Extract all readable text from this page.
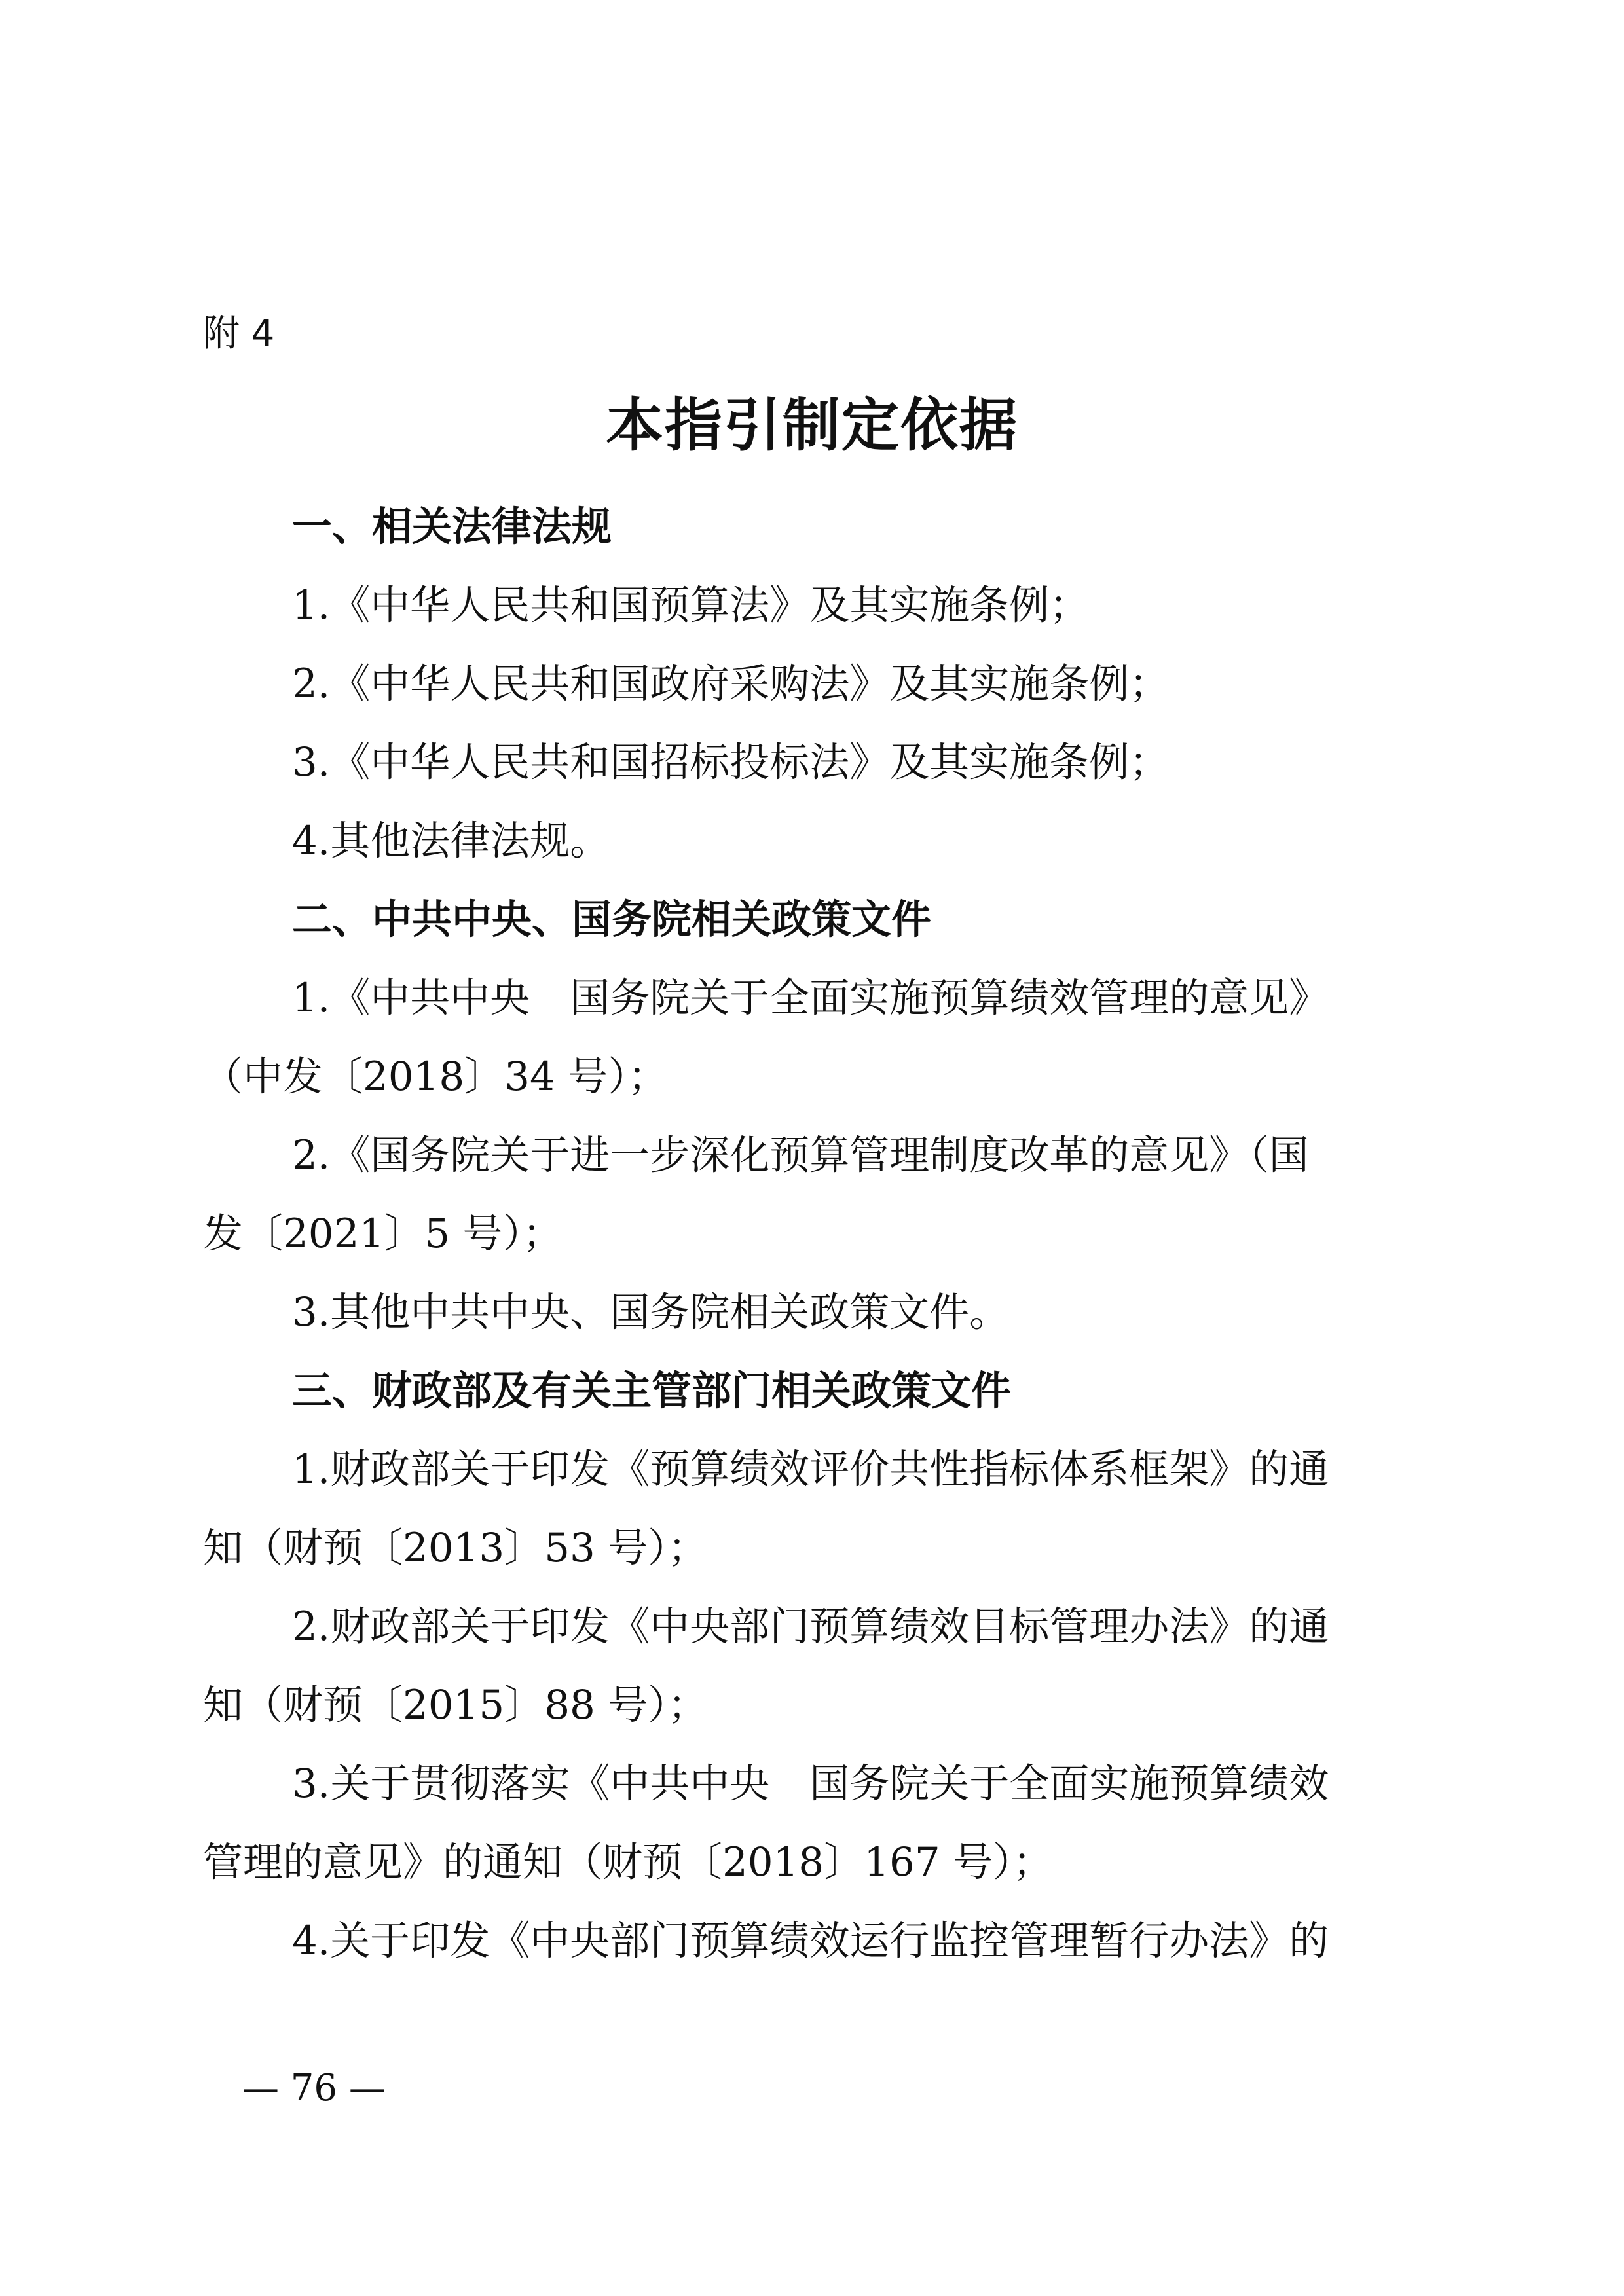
附 4
本指引制定依据
一、相关法律法规
1.《中华人民共和国预算法》及其实施条例；
2.《中华人民共和国政府采购法》及其实施条例；
3.《中华人民共和国招标投标法》及其实施条例；
4.其他法律法规。
二、中共中央、国务院相关政策文件
1.《中共中央　国务院关于全面实施预算绩效管理的意见》
（中发〔2018〕34 号）；
2.《国务院关于进一步深化预算管理制度改革的意见》（国
发〔2021〕5 号）；
3.其他中共中央、国务院相关政策文件。
三、财政部及有关主管部门相关政策文件
1.财政部关于印发《预算绩效评价共性指标体系框架》的通
知（财预〔2013〕53 号）；
2.财政部关于印发《中央部门预算绩效目标管理办法》的通
知（财预〔2015〕88 号）；
3.关于贯彻落实《中共中央　国务院关于全面实施预算绩效
管理的意见》的通知（财预〔2018〕167 号）；
4.关于印发《中央部门预算绩效运行监控管理暂行办法》的
— 76 —
